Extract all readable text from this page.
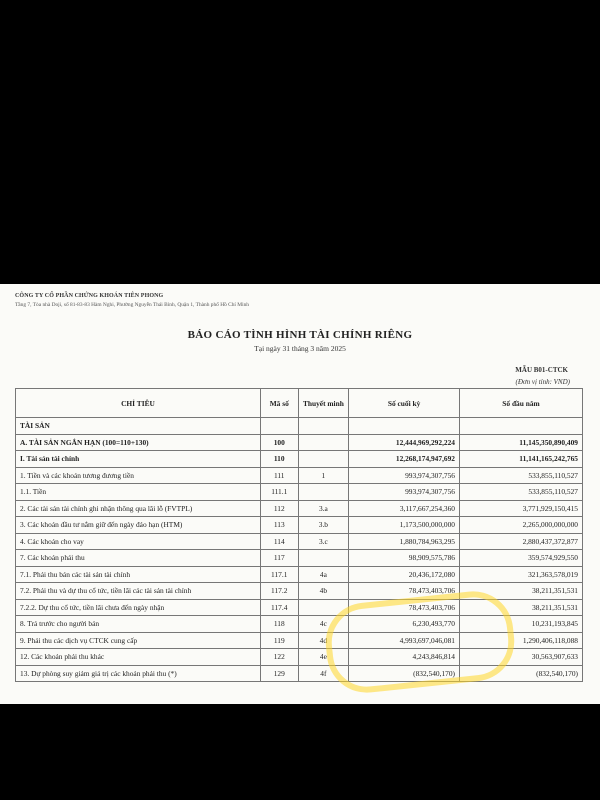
CÔNG TY CỔ PHẦN CHỨNG KHOÁN TIÊN PHONG
Tầng 7, Tòa nhà Doji, số 81-83-83 Hàm Nghi, Phường Nguyễn Thái Bình, Quận 1, Thành phố Hồ Chí Minh
BÁO CÁO TÌNH HÌNH TÀI CHÍNH RIÊNG
Tại ngày 31 tháng 3 năm 2025
MẪU B01-CTCK
(Đơn vị tính: VND)
CHỈ TIÊU	Mã số	Thuyết minh	Số cuối kỳ	Số đầu năm
TÀI SẢN				
A. TÀI SẢN NGẮN HẠN (100=110+130)	100		12,444,969,292,224	11,145,350,890,409
I. Tài sản tài chính	110		12,268,174,947,692	11,141,165,242,765
1. Tiền và các khoản tương đương tiền	111	1	993,974,307,756	533,855,110,527
1.1. Tiền	111.1		993,974,307,756	533,855,110,527
2. Các tài sản tài chính ghi nhận thông qua lãi lỗ (FVTPL)	112	3.a	3,117,667,254,360	3,771,929,150,415
3. Các khoản đầu tư nắm giữ đến ngày đáo hạn (HTM)	113	3.b	1,173,500,000,000	2,265,000,000,000
4. Các khoản cho vay	114	3.c	1,880,784,963,295	2,880,437,372,877
7. Các khoản phải thu	117		98,909,575,786	359,574,929,550
7.1. Phải thu bán các tài sản tài chính	117.1	4a	20,436,172,080	321,363,578,019
7.2. Phải thu và dự thu cổ tức, tiền lãi các tài sản tài chính	117.2	4b	78,473,403,706	38,211,351,531
7.2.2. Dự thu cổ tức, tiền lãi chưa đến ngày nhận	117.4		78,473,403,706	38,211,351,531
8. Trả trước cho người bán	118	4c	6,230,493,770	10,231,193,845
9. Phải thu các dịch vụ CTCK cung cấp	119	4d	4,993,697,046,081	1,290,406,118,088
12. Các khoản phải thu khác	122	4e	4,243,846,814	30,563,907,633
13. Dự phòng suy giảm giá trị các khoản phải thu (*)	129	4f	(832,540,170)	(832,540,170)
